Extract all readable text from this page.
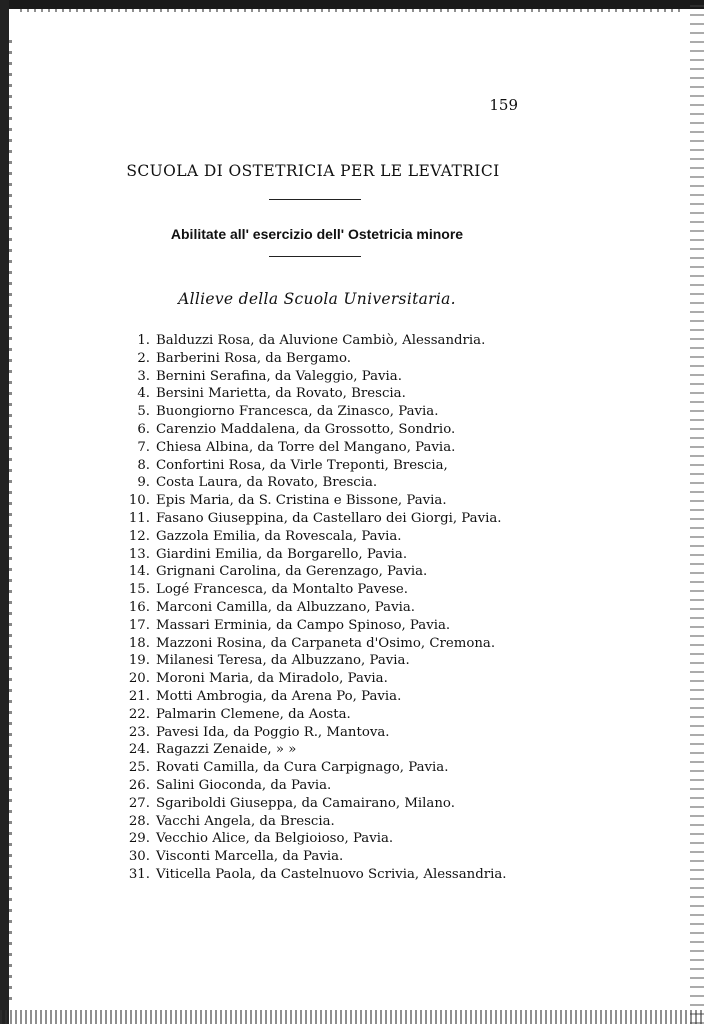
159
SCUOLA DI OSTETRICIA PER LE LEVATRICI
Abilitate all' esercizio dell' Ostetricia minore
Allieve della Scuola Universitaria.
1. Balduzzi Rosa, da Aluvione Cambiò, Alessandria.
2. Barberini Rosa, da Bergamo.
3. Bernini Serafina, da Valeggio, Pavia.
4. Bersini Marietta, da Rovato, Brescia.
5. Buongiorno Francesca, da Zinasco, Pavia.
6. Carenzio Maddalena, da Grossotto, Sondrio.
7. Chiesa Albina, da Torre del Mangano, Pavia.
8. Confortini Rosa, da Virle Treponti, Brescia,
9. Costa Laura, da Rovato, Brescia.
10. Epis Maria, da S. Cristina e Bissone, Pavia.
11. Fasano Giuseppina, da Castellaro dei Giorgi, Pavia.
12. Gazzola Emilia, da Rovescala, Pavia.
13. Giardini Emilia, da Borgarello, Pavia.
14. Grignani Carolina, da Gerenzago, Pavia.
15. Logé Francesca, da Montalto Pavese.
16. Marconi Camilla, da Albuzzano, Pavia.
17. Massari Erminia, da Campo Spinoso, Pavia.
18. Mazzoni Rosina, da Carpaneta d'Osimo, Cremona.
19. Milanesi Teresa, da Albuzzano, Pavia.
20. Moroni Maria, da Miradolo, Pavia.
21. Motti Ambrogia, da Arena Po, Pavia.
22. Palmarin Clemene, da Aosta.
23. Pavesi Ida, da Poggio R., Mantova.
24. Ragazzi Zenaide, » »
25. Rovati Camilla, da Cura Carpignago, Pavia.
26. Salini Gioconda, da Pavia.
27. Sgariboldi Giuseppa, da Camairano, Milano.
28. Vacchi Angela, da Brescia.
29. Vecchio Alice, da Belgioioso, Pavia.
30. Visconti Marcella, da Pavia.
31. Viticella Paola, da Castelnuovo Scrivia, Alessandria.
